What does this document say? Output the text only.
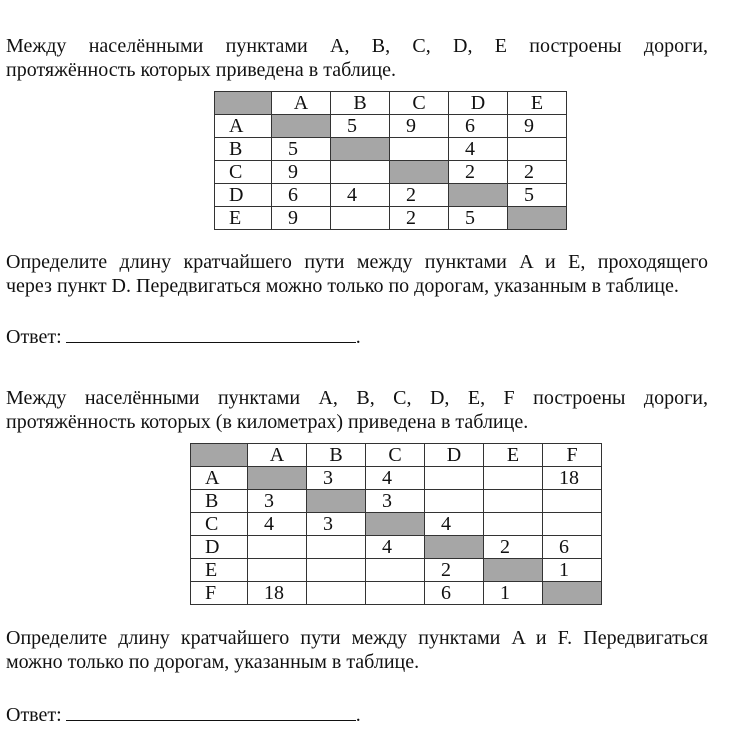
Между населёнными пунктами A, B, C, D, E построены дороги,
протяжённость которых приведена в таблице.

	A	B	C	D	E
A		5	9	6	9
B	5			4	
C	9			2	2
D	6	4	2		5
E	9		2	5	

Определите длину кратчайшего пути между пунктами A и E, проходящего
через пункт D. Передвигаться можно только по дорогам, указанным в таблице.

Ответ:	.

Между населёнными пунктами A, B, C, D, E, F построены дороги,
протяжённость которых (в километрах) приведена в таблице.

	A	B	C	D	E	F
A		3	4			18
B	3		3			
C	4	3		4		
D			4		2	6
E				2		1
F	18			6	1	

Определите длину кратчайшего пути между пунктами A и F. Передвигаться
можно только по дорогам, указанным в таблице.

Ответ:	.
